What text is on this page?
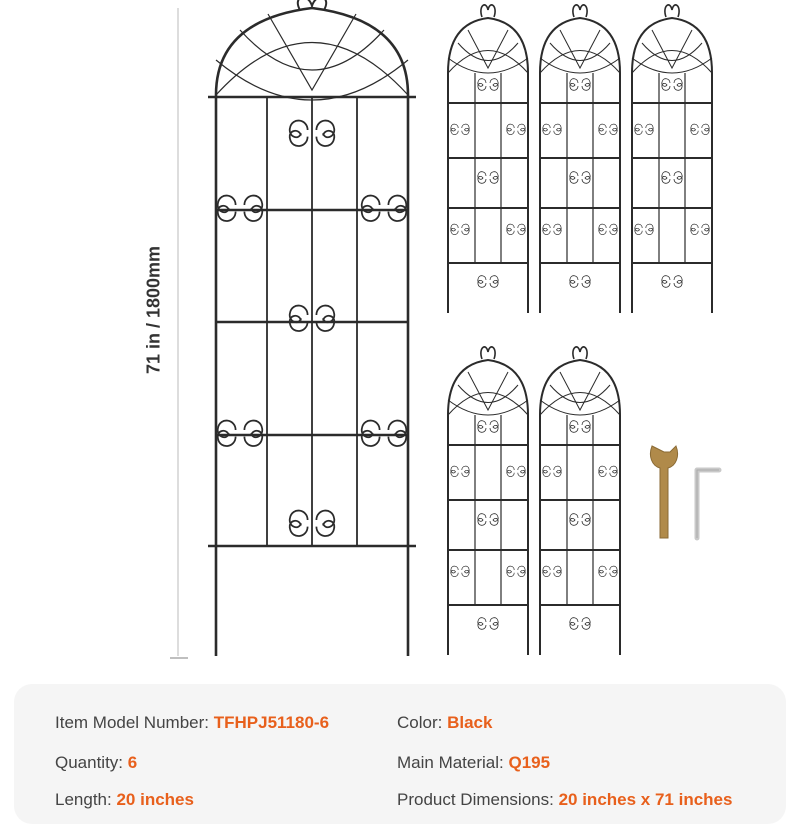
71 in / 1800mm
Item Model Number: TFHPJ51180-6	Color: Black
Quantity: 6	Main Material: Q195
Length: 20 inches	Product Dimensions: 20 inches x 71 inches
